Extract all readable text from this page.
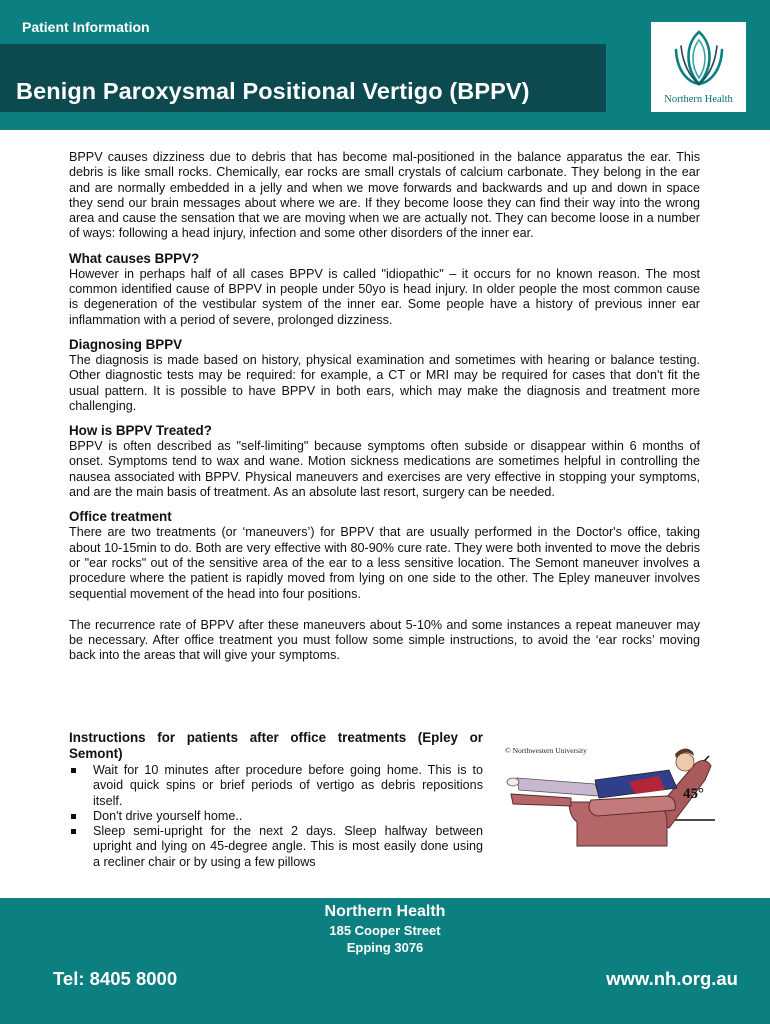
Patient Information
Benign Paroxysmal Positional Vertigo (BPPV)	Northern Health

BPPV causes dizziness due to debris that has become mal-positioned in the balance apparatus the ear. This debris is like small rocks. Chemically, ear rocks are small crystals of calcium carbonate. They belong in the ear and are normally embedded in a jelly and when we move forwards and backwards and up and down in space they send our brain messages about where we are. If they become loose they can find their way into the wrong area and cause the sensation that we are moving when we are actually not. They can become loose in a number of ways: following a head injury, infection and some other disorders of the inner ear.

What causes BPPV?

However in perhaps half of all cases BPPV is called "idiopathic" – it occurs for no known reason. The most common identified cause of BPPV in people under 50yo is head injury. In older people the most common cause is degeneration of the vestibular system of the inner ear. Some people have a history of previous inner ear inflammation with a period of severe, prolonged dizziness.

Diagnosing BPPV

The diagnosis is made based on history, physical examination and sometimes with hearing or balance testing. Other diagnostic tests may be required: for example, a CT or MRI may be required for cases that don't fit the usual pattern. It is possible to have BPPV in both ears, which may make the diagnosis and treatment more challenging.

How is BPPV Treated?

BPPV is often described as "self-limiting" because symptoms often subside or disappear within 6 months of onset. Symptoms tend to wax and wane. Motion sickness medications are sometimes helpful in controlling the nausea associated with BPPV. Physical maneuvers and exercises are very effective in stopping your symptoms, and are the main basis of treatment. As an absolute last resort, surgery can be needed.

Office treatment

There are two treatments (or ‘maneuvers’) for BPPV that are usually performed in the Doctor's office, taking about 10-15min to do. Both are very effective with 80-90% cure rate. They were both invented to move the debris or "ear rocks" out of the sensitive area of the ear to a less sensitive location. The Semont maneuver involves a procedure where the patient is rapidly moved from lying on one side to the other. The Epley maneuver involves sequential movement of the head into four positions.

The recurrence rate of BPPV after these maneuvers about 5-10% and some instances a repeat maneuver may be necessary. After office treatment you must follow some simple instructions, to avoid the ‘ear rocks’ moving back into the areas that will give your symptoms.

Instructions for patients after office treatments (Epley or Semont)
Wait for 10 minutes after procedure before going home. This is to avoid quick spins or brief periods of vertigo as debris repositions itself.
Don't drive yourself home..
Sleep semi-upright for the next 2 days. Sleep halfway between upright and lying on 45-degree angle. This is most easily done using a recliner chair or by using a few pillows
© Northwestern University
45°
Northern Health
185 Cooper Street
Epping 3076
Tel: 8405 8000	www.nh.org.au
